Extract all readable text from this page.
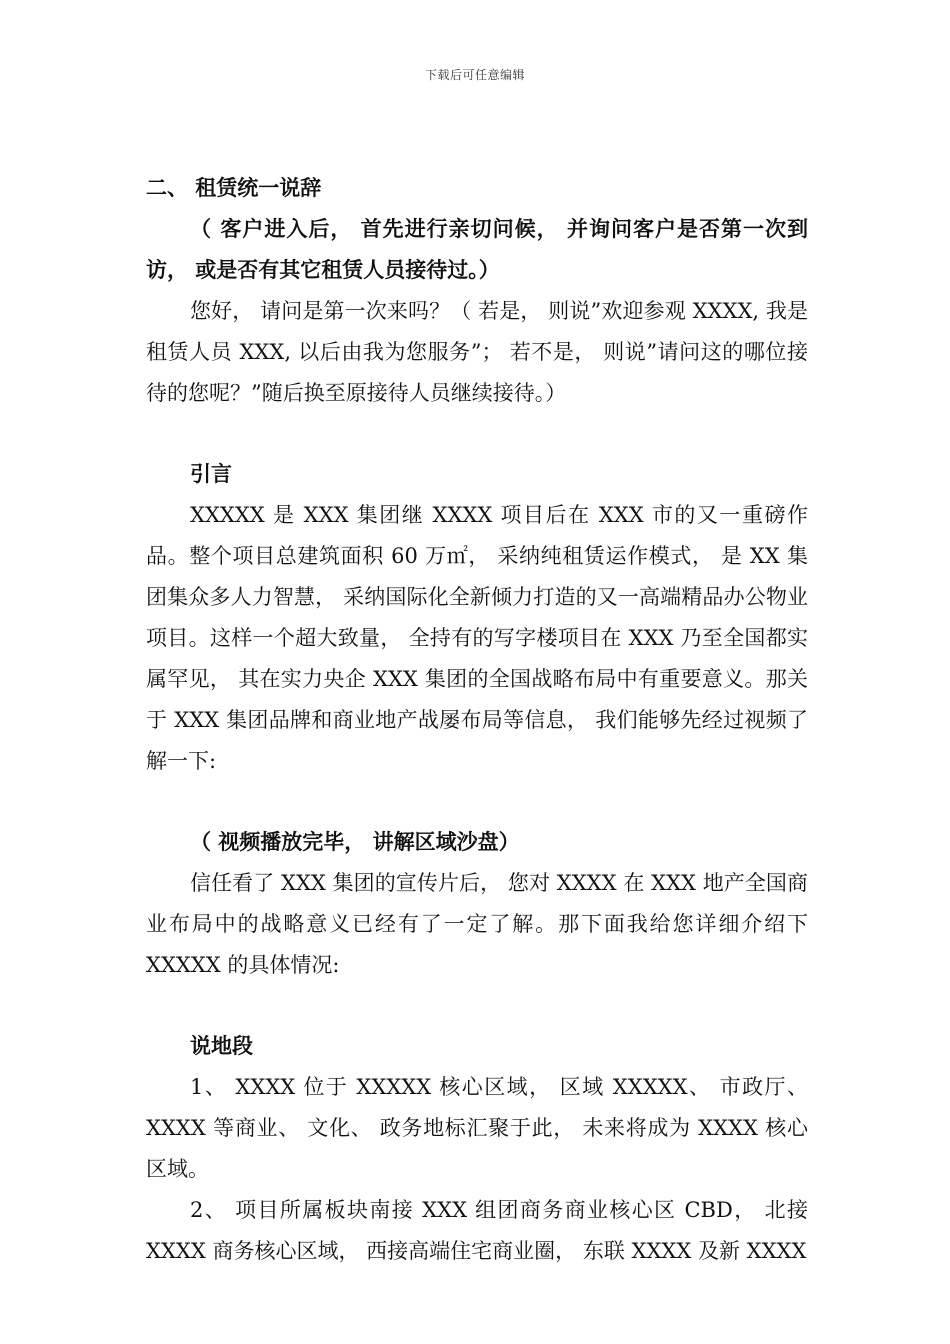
下载后可任意编辑

二、 租赁统一说辞

（ 客户进入后， 首先进行亲切问候， 并询问客户是否第一次到访， 或是否有其它租赁人员接待过。）

您好， 请问是第一次来吗？（ 若是， 则说”欢迎参观 XXXX, 我是租赁人员 XXX, 以后由我为您服务”； 若不是， 则说”请问这的哪位接待的您呢？”随后换至原接待人员继续接待。）

引言

XXXXX 是 XXX 集团继 XXXX 项目后在 XXX 市的又一重磅作品。整个项目总建筑面积 60 万㎡， 采纳纯租赁运作模式， 是 XX 集团集众多人力智慧， 采纳国际化全新倾力打造的又一高端精品办公物业项目。这样一个超大致量， 全持有的写字楼项目在 XXX 乃至全国都实属罕见， 其在实力央企 XXX 集团的全国战略布局中有重要意义。那关于 XXX 集团品牌和商业地产战屡布局等信息， 我们能够先经过视频了解一下:

（ 视频播放完毕， 讲解区域沙盘）

信任看了 XXX 集团的宣传片后， 您对 XXXX 在 XXX 地产全国商业布局中的战略意义已经有了一定了解。那下面我给您详细介绍下 XXXXX 的具体情况:

说地段

1、 XXXX 位于 XXXXX 核心区域， 区域 XXXXX、 市政厅、 XXXX 等商业、 文化、 政务地标汇聚于此， 未来将成为 XXXX 核心区域。

2、 项目所属板块南接 XXX 组团商务商业核心区 CBD， 北接 XXXX 商务核心区域， 西接高端住宅商业圈， 东联 XXXX 及新 XXXX
